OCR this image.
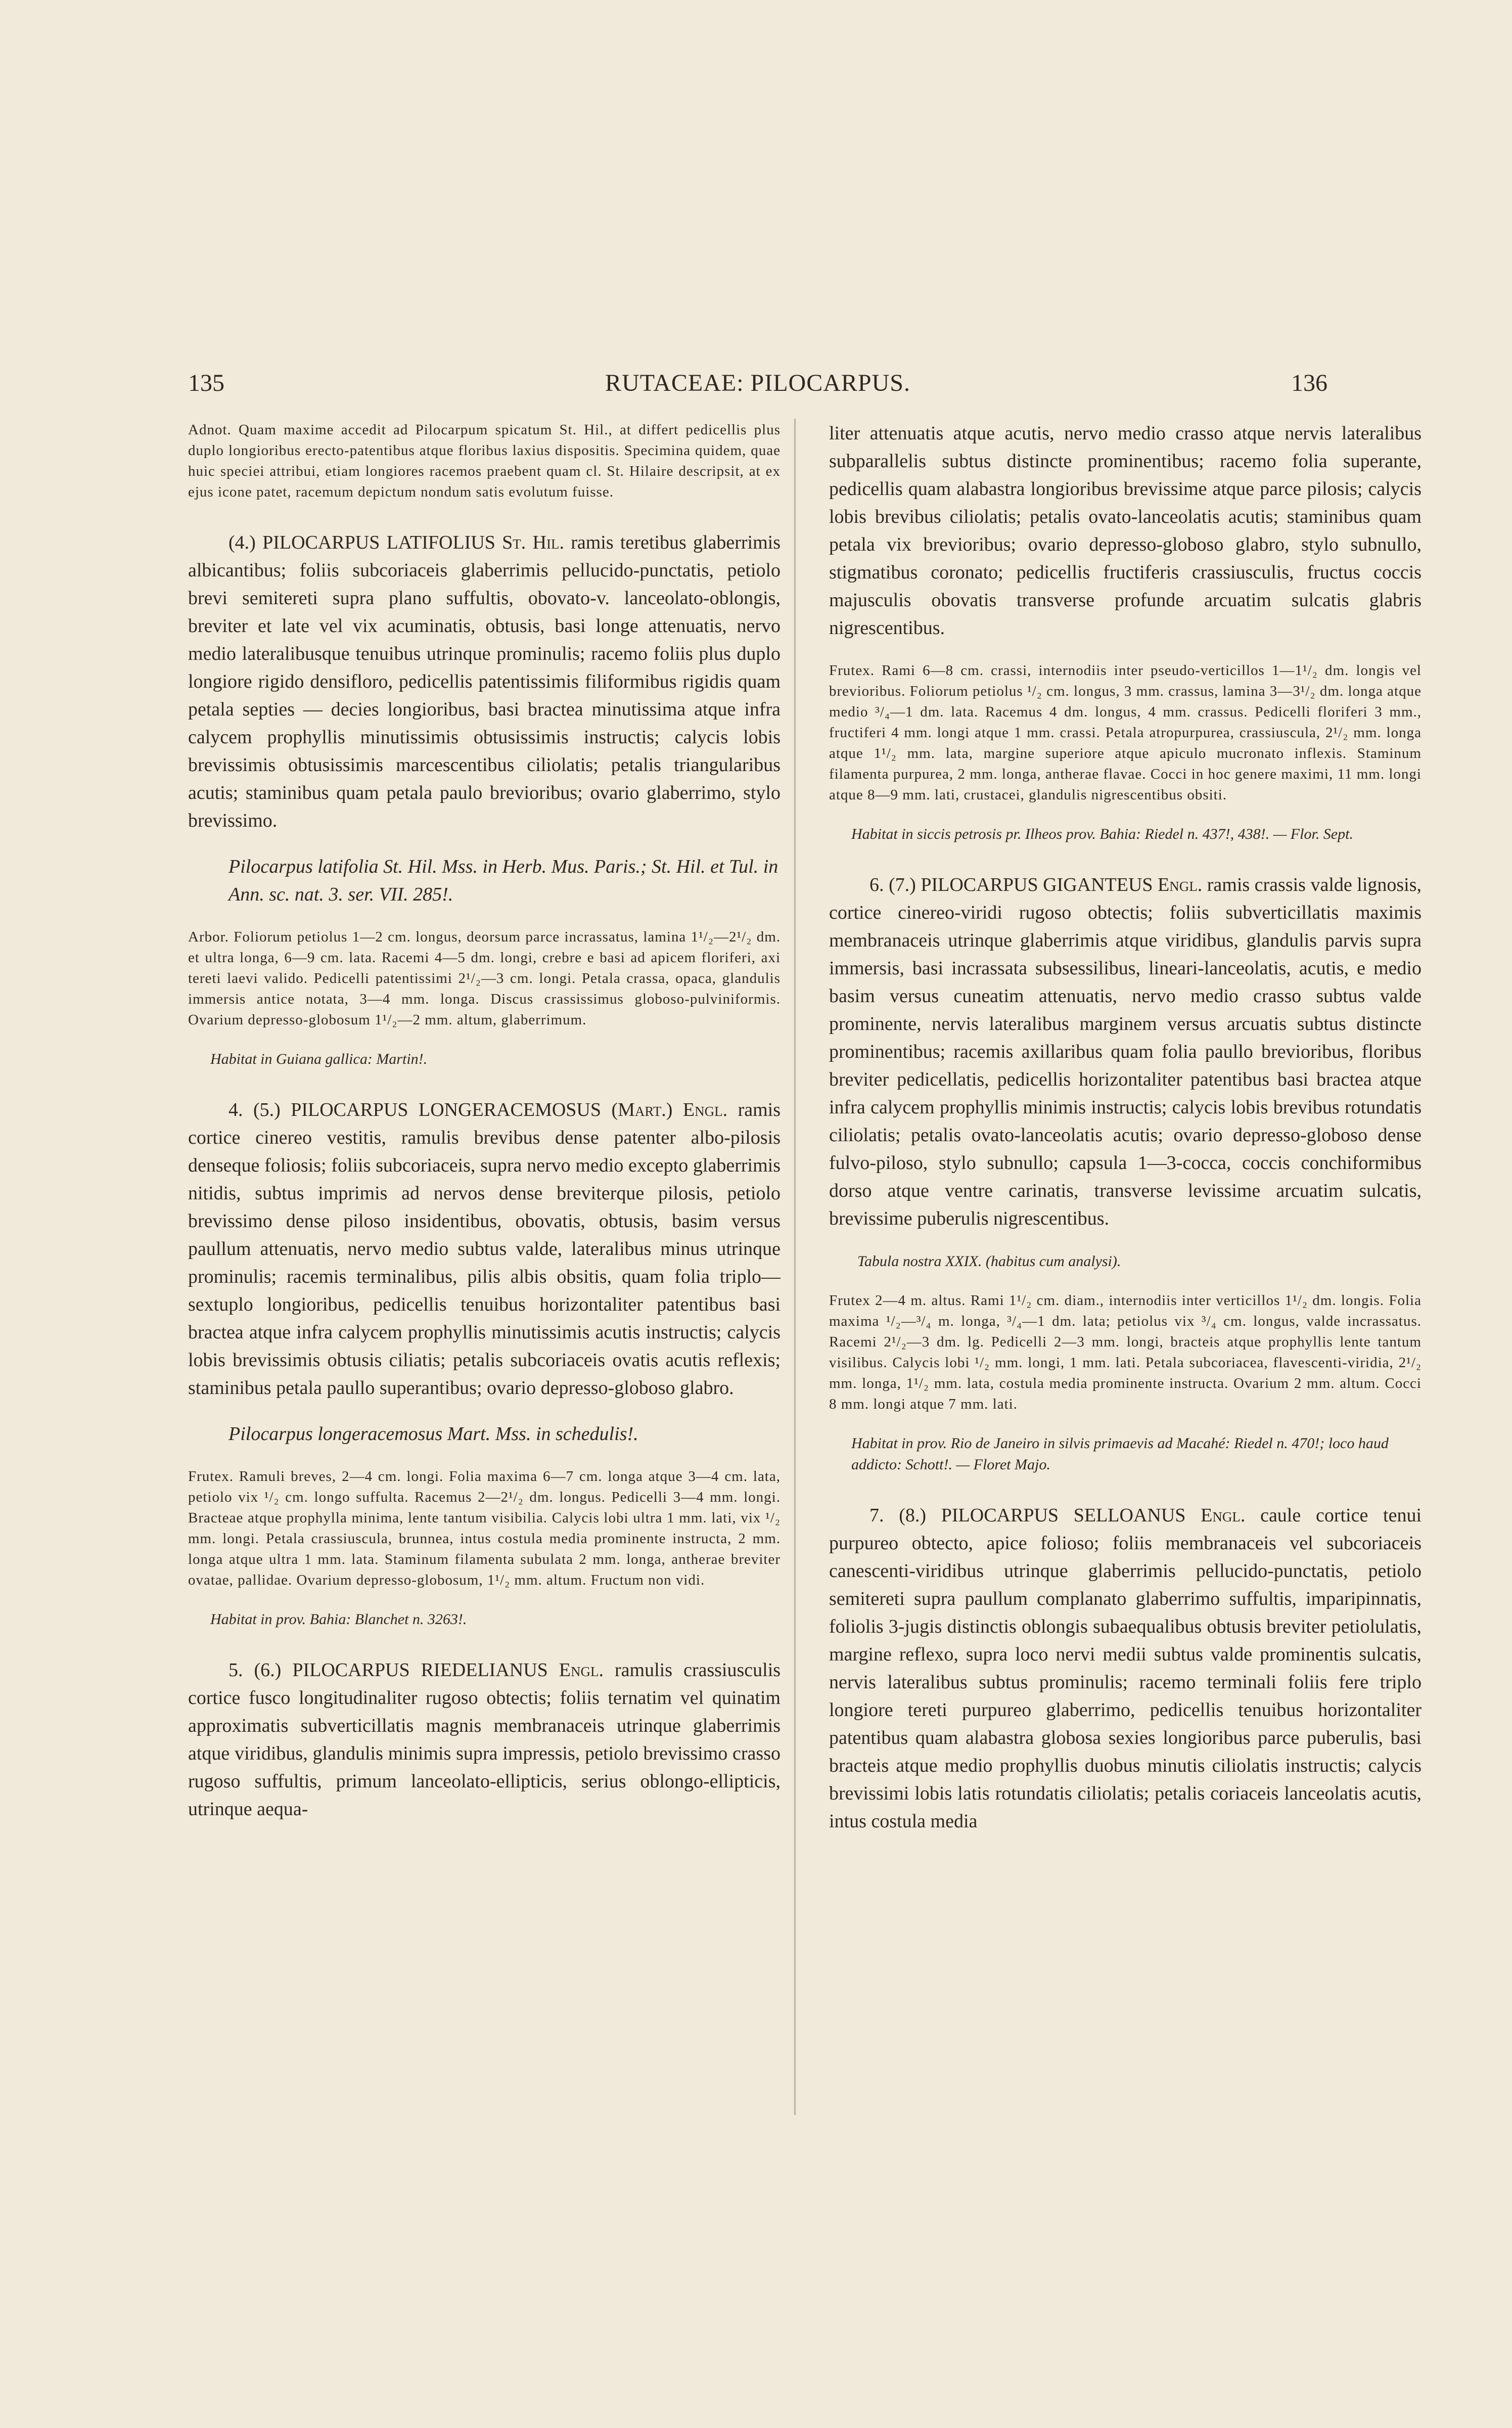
135	RUTACEAE: PILOCARPUS.	136

Adnot. Quam maxime accedit ad Pilocarpum spicatum St. Hil., at differt pedicellis plus duplo longioribus erecto-patentibus atque floribus laxius dispositis. Specimina quidem, quae huic speciei attribui, etiam longiores racemos praebent quam cl. St. Hilaire descripsit, at ex ejus icone patet, racemum depictum nondum satis evolutum fuisse.

(4.) PILOCARPUS LATIFOLIUS St. Hil. ramis teretibus glaberrimis albicantibus; foliis subcoriaceis glaberrimis pellucido-punctatis, petiolo brevi semitereti supra plano suffultis, obovato-v. lanceolato-oblongis, breviter et late vel vix acuminatis, obtusis, basi longe attenuatis, nervo medio lateralibusque tenuibus utrinque prominulis; racemo foliis plus duplo longiore rigido densifloro, pedicellis patentissimis filiformibus rigidis quam petala septies — decies longioribus, basi bractea minutissima atque infra calycem prophyllis minutissimis obtusissimis instructis; calycis lobis brevissimis obtusissimis marcescentibus ciliolatis; petalis triangularibus acutis; staminibus quam petala paulo brevioribus; ovario glaberrimo, stylo brevissimo.

Pilocarpus latifolia St. Hil. Mss. in Herb. Mus. Paris.; St. Hil. et Tul. in Ann. sc. nat. 3. ser. VII. 285!.

Arbor. Foliorum petiolus 1—2 cm. longus, deorsum parce incrassatus, lamina 1¹/₂—2¹/₂ dm. et ultra longa, 6—9 cm. lata. Racemi 4—5 dm. longi, crebre e basi ad apicem floriferi, axi tereti laevi valido. Pedicelli patentissimi 2¹/₂—3 cm. longi. Petala crassa, opaca, glandulis immersis antice notata, 3—4 mm. longa. Discus crassissimus globoso-pulviniformis. Ovarium depresso-globosum 1¹/₂—2 mm. altum, glaberrimum.

Habitat in Guiana gallica: Martin!.

4. (5.) PILOCARPUS LONGERACEMOSUS (Mart.) Engl. ramis cortice cinereo vestitis, ramulis brevibus dense patenter albo-pilosis denseque foliosis; foliis subcoriaceis, supra nervo medio excepto glaberrimis nitidis, subtus imprimis ad nervos dense breviterque pilosis, petiolo brevissimo dense piloso insidentibus, obovatis, obtusis, basim versus paullum attenuatis, nervo medio subtus valde, lateralibus minus utrinque prominulis; racemis terminalibus, pilis albis obsitis, quam folia triplo—sextuplo longioribus, pedicellis tenuibus horizontaliter patentibus basi bractea atque infra calycem prophyllis minutissimis acutis instructis; calycis lobis brevissimis obtusis ciliatis; petalis subcoriaceis ovatis acutis reflexis; staminibus petala paullo superantibus; ovario depresso-globoso glabro.

Pilocarpus longeracemosus Mart. Mss. in schedulis!.

Frutex. Ramuli breves, 2—4 cm. longi. Folia maxima 6—7 cm. longa atque 3—4 cm. lata, petiolo vix ¹/₂ cm. longo suffulta. Racemus 2—2¹/₂ dm. longus. Pedicelli 3—4 mm. longi. Bracteae atque prophylla minima, lente tantum visibilia. Calycis lobi ultra 1 mm. lati, vix ¹/₂ mm. longi. Petala crassiuscula, brunnea, intus costula media prominente instructa, 2 mm. longa atque ultra 1 mm. lata. Staminum filamenta subulata 2 mm. longa, antherae breviter ovatae, pallidae. Ovarium depresso-globosum, 1¹/₂ mm. altum. Fructum non vidi.

Habitat in prov. Bahia: Blanchet n. 3263!.

5. (6.) PILOCARPUS RIEDELIANUS Engl. ramulis crassiusculis cortice fusco longitudinaliter rugoso obtectis; foliis ternatim vel quinatim approximatis subverticillatis magnis membranaceis utrinque glaberrimis atque viridibus, glandulis minimis supra impressis, petiolo brevissimo crasso rugoso suffultis, primum lanceolato-ellipticis, serius oblongo-ellipticis, utrinque aequa-

liter attenuatis atque acutis, nervo medio crasso atque nervis lateralibus subparallelis subtus distincte prominentibus; racemo folia superante, pedicellis quam alabastra longioribus brevissime atque parce pilosis; calycis lobis brevibus ciliolatis; petalis ovato-lanceolatis acutis; staminibus quam petala vix brevioribus; ovario depresso-globoso glabro, stylo subnullo, stigmatibus coronato; pedicellis fructiferis crassiusculis, fructus coccis majusculis obovatis transverse profunde arcuatim sulcatis glabris nigrescentibus.

Frutex. Rami 6—8 cm. crassi, internodiis inter pseudo-verticillos 1—1¹/₂ dm. longis vel brevioribus. Foliorum petiolus ¹/₂ cm. longus, 3 mm. crassus, lamina 3—3¹/₂ dm. longa atque medio ³/₄—1 dm. lata. Racemus 4 dm. longus, 4 mm. crassus. Pedicelli floriferi 3 mm., fructiferi 4 mm. longi atque 1 mm. crassi. Petala atropurpurea, crassiuscula, 2¹/₂ mm. longa atque 1¹/₂ mm. lata, margine superiore atque apiculo mucronato inflexis. Staminum filamenta purpurea, 2 mm. longa, antherae flavae. Cocci in hoc genere maximi, 11 mm. longi atque 8—9 mm. lati, crustacei, glandulis nigrescentibus obsiti.

Habitat in siccis petrosis pr. Ilheos prov. Bahia: Riedel n. 437!, 438!. — Flor. Sept.

6. (7.) PILOCARPUS GIGANTEUS Engl. ramis crassis valde lignosis, cortice cinereo-viridi rugoso obtectis; foliis subverticillatis maximis membranaceis utrinque glaberrimis atque viridibus, glandulis parvis supra immersis, basi incrassata subsessilibus, lineari-lanceolatis, acutis, e medio basim versus cuneatim attenuatis, nervo medio crasso subtus valde prominente, nervis lateralibus marginem versus arcuatis subtus distincte prominentibus; racemis axillaribus quam folia paullo brevioribus, floribus breviter pedicellatis, pedicellis horizontaliter patentibus basi bractea atque infra calycem prophyllis minimis instructis; calycis lobis brevibus rotundatis ciliolatis; petalis ovato-lanceolatis acutis; ovario depresso-globoso dense fulvo-piloso, stylo subnullo; capsula 1—3-cocca, coccis conchiformibus dorso atque ventre carinatis, transverse levissime arcuatim sulcatis, brevissime puberulis nigrescentibus.

Tabula nostra XXIX. (habitus cum analysi).

Frutex 2—4 m. altus. Rami 1¹/₂ cm. diam., internodiis inter verticillos 1¹/₂ dm. longis. Folia maxima ¹/₂—³/₄ m. longa, ³/₄—1 dm. lata; petiolus vix ³/₄ cm. longus, valde incrassatus. Racemi 2¹/₂—3 dm. lg. Pedicelli 2—3 mm. longi, bracteis atque prophyllis lente tantum visilibus. Calycis lobi ¹/₂ mm. longi, 1 mm. lati. Petala subcoriacea, flavescenti-viridia, 2¹/₂ mm. longa, 1¹/₂ mm. lata, costula media prominente instructa. Ovarium 2 mm. altum. Cocci 8 mm. longi atque 7 mm. lati.

Habitat in prov. Rio de Janeiro in silvis primaevis ad Macahé: Riedel n. 470!; loco haud addicto: Schott!. — Floret Majo.

7. (8.) PILOCARPUS SELLOANUS Engl. caule cortice tenui purpureo obtecto, apice folioso; foliis membranaceis vel subcoriaceis canescenti-viridibus utrinque glaberrimis pellucido-punctatis, petiolo semitereti supra paullum complanato glaberrimo suffultis, imparipinnatis, foliolis 3-jugis distinctis oblongis subaequalibus obtusis breviter petiolulatis, margine reflexo, supra loco nervi medii subtus valde prominentis sulcatis, nervis lateralibus subtus prominulis; racemo terminali foliis fere triplo longiore tereti purpureo glaberrimo, pedicellis tenuibus horizontaliter patentibus quam alabastra globosa sexies longioribus parce puberulis, basi bracteis atque medio prophyllis duobus minutis ciliolatis instructis; calycis brevissimi lobis latis rotundatis ciliolatis; petalis coriaceis lanceolatis acutis, intus costula media
